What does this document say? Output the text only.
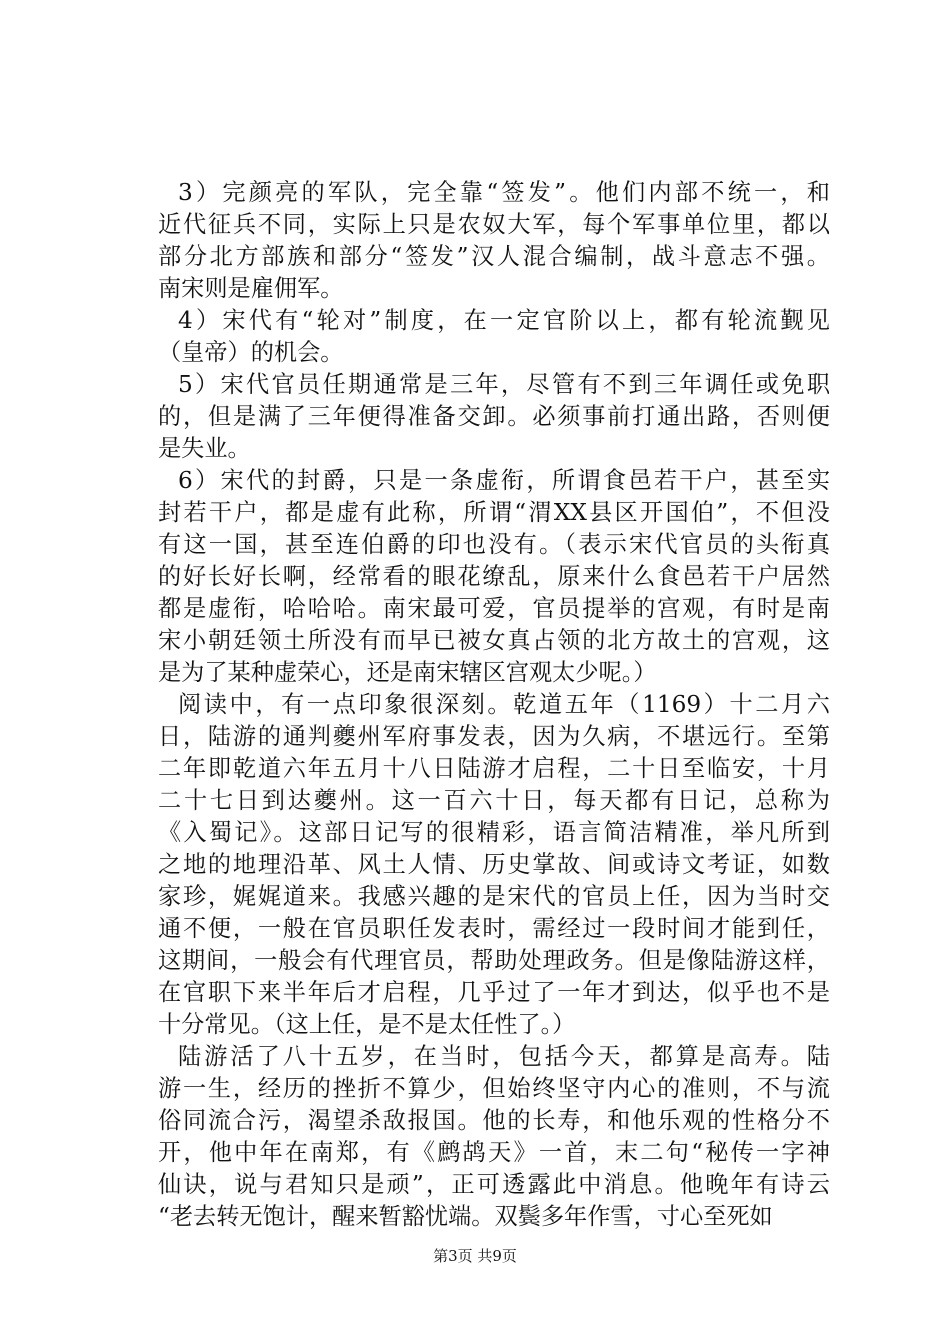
3）完颜亮的军队，完全靠“签发”。他们内部不统一，和
近代征兵不同，实际上只是农奴大军，每个军事单位里，都以
部分北方部族和部分“签发”汉人混合编制，战斗意志不强。
南宋则是雇佣军。
4）宋代有“轮对”制度，在一定官阶以上，都有轮流觐见
（皇帝）的机会。
5）宋代官员任期通常是三年，尽管有不到三年调任或免职
的，但是满了三年便得准备交卸。必须事前打通出路，否则便
是失业。
6）宋代的封爵，只是一条虚衔，所谓食邑若干户，甚至实
封若干户，都是虚有此称，所谓“渭XX县区开国伯”，不但没
有这一国，甚至连伯爵的印也没有。（表示宋代官员的头衔真
的好长好长啊，经常看的眼花缭乱，原来什么食邑若干户居然
都是虚衔，哈哈哈。南宋最可爱，官员提举的宫观，有时是南
宋小朝廷领土所没有而早已被女真占领的北方故土的宫观，这
是为了某种虚荣心，还是南宋辖区宫观太少呢。）
阅读中，有一点印象很深刻。乾道五年（1169）十二月六
日，陆游的通判夔州军府事发表，因为久病，不堪远行。至第
二年即乾道六年五月十八日陆游才启程，二十日至临安，十月
二十七日到达夔州。这一百六十日，每天都有日记，总称为
《入蜀记》。这部日记写的很精彩，语言简洁精准，举凡所到
之地的地理沿革、风土人情、历史掌故、间或诗文考证，如数
家珍，娓娓道来。我感兴趣的是宋代的官员上任，因为当时交
通不便，一般在官员职任发表时，需经过一段时间才能到任，
这期间，一般会有代理官员，帮助处理政务。但是像陆游这样，
在官职下来半年后才启程，几乎过了一年才到达，似乎也不是
十分常见。（这上任，是不是太任性了。）
陆游活了八十五岁，在当时，包括今天，都算是高寿。陆
游一生，经历的挫折不算少，但始终坚守内心的准则，不与流
俗同流合污，渴望杀敌报国。他的长寿，和他乐观的性格分不
开，他中年在南郑，有《鹧鸪天》一首，末二句“秘传一字神
仙诀，说与君知只是顽”，正可透露此中消息。他晚年有诗云
“老去转无饱计，醒来暂豁忧端。双鬓多年作雪，寸心至死如
第3页 共9页
